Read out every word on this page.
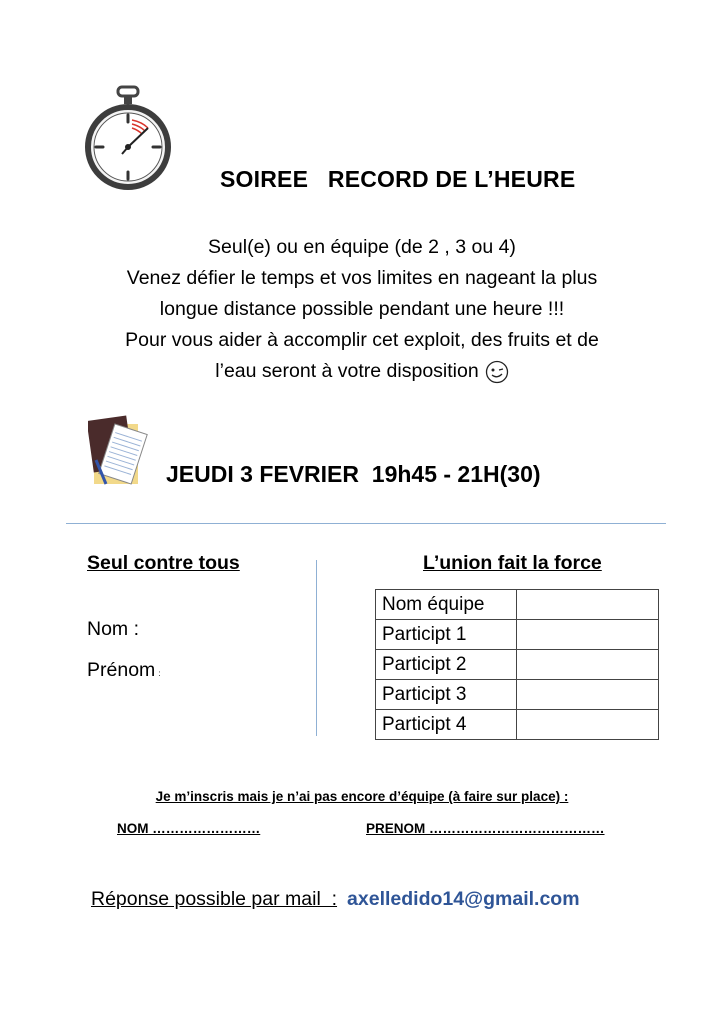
SOIREE   RECORD DE L’HEURE
Seul(e) ou en équipe (de 2 , 3 ou 4)
Venez défier le temps et vos limites en nageant la plus
longue distance possible pendant une heure !!!
Pour vous aider à accomplir cet exploit, des fruits et de
l’eau seront à votre disposition
JEUDI 3 FEVRIER  19h45 - 21H(30)
Seul contre tous
Nom :
Prénom :
L’union fait la force
Nom équipe	
Participt 1	
Participt 2	
Participt 3	
Participt 4	
Je m’inscris mais je n’ai pas encore d’équipe (à faire sur place) :
NOM ……………………	PRENOM …………………………………
Réponse possible par mail  : axelledido14@gmail.com
